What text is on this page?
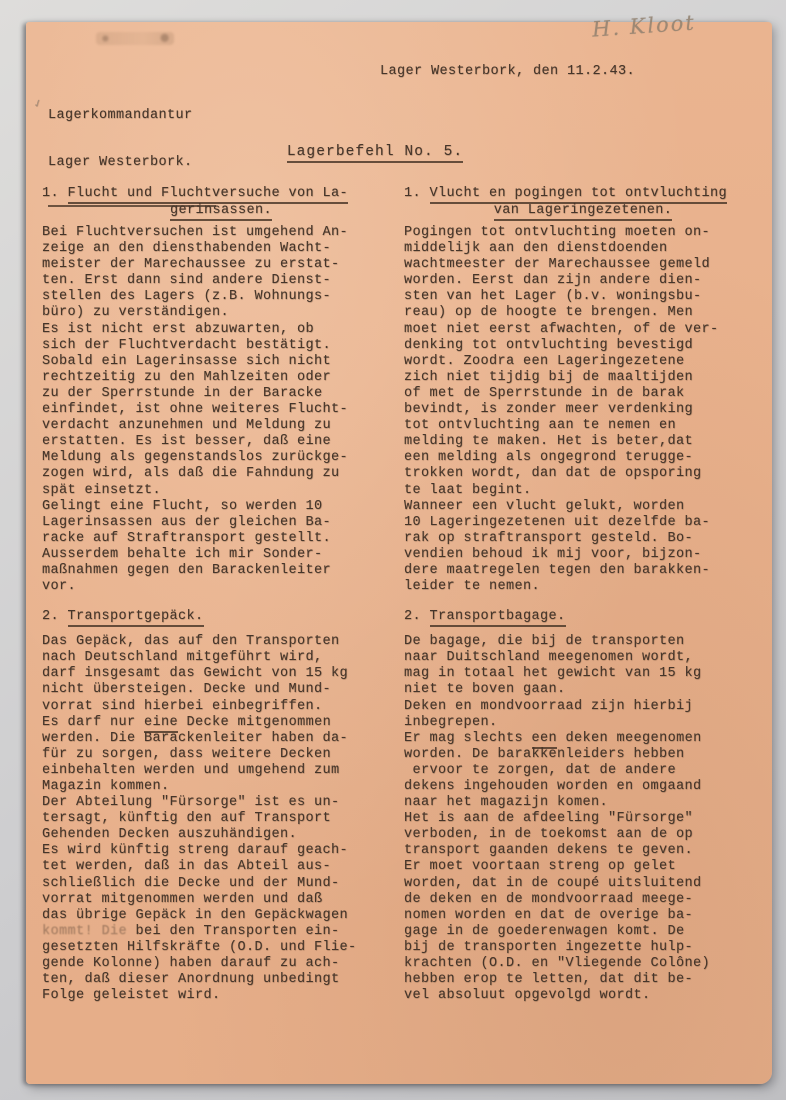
H. Kloot

✓

Lagerkommandantur

Lager Westerbork.

Lager Westerbork, den 11.2.43.

Lagerbefehl No. 5.

1. Flucht und Fluchtversuche von La-
gerinsassen.
Bei Fluchtversuchen ist umgehend An-
zeige an den diensthabenden Wacht-
meister der Marechaussee zu erstat-
ten. Erst dann sind andere Dienst-
stellen des Lagers (z.B. Wohnungs-
büro) zu verständigen.
Es ist nicht erst abzuwarten, ob
sich der Fluchtverdacht bestätigt.
Sobald ein Lagerinsasse sich nicht
rechtzeitig zu den Mahlzeiten oder
zu der Sperrstunde in der Baracke
einfindet, ist ohne weiteres Flucht-
verdacht anzunehmen und Meldung zu
erstatten. Es ist besser, daß eine
Meldung als gegenstandslos zurückge-
zogen wird, als daß die Fahndung zu
spät einsetzt.
Gelingt eine Flucht, so werden 10
Lagerinsassen aus der gleichen Ba-
racke auf Straftransport gestellt.
Ausserdem behalte ich mir Sonder-
maßnahmen gegen den Barackenleiter
vor.
2. Transportgepäck.
Das Gepäck, das auf den Transporten
nach Deutschland mitgeführt wird,
darf insgesamt das Gewicht von 15 kg
nicht übersteigen. Decke und Mund-
vorrat sind hierbei einbegriffen.
Es darf nur eine Decke mitgenommen
werden. Die Barackenleiter haben da-
für zu sorgen, dass weitere Decken
einbehalten werden und umgehend zum
Magazin kommen.
Der Abteilung "Fürsorge" ist es un-
tersagt, künftig den auf Transport
Gehenden Decken auszuhändigen.
Es wird künftig streng darauf geach-
tet werden, daß in das Abteil aus-
schließlich die Decke und der Mund-
vorrat mitgenommen werden und daß
das übrige Gepäck in den Gepäckwagen
kommt! Die bei den Transporten ein-
gesetzten Hilfskräfte (O.D. und Flie-
gende Kolonne) haben darauf zu ach-
ten, daß dieser Anordnung unbedingt
Folge geleistet wird.
1. Vlucht en pogingen tot ontvluchting
van Lageringezetenen.
Pogingen tot ontvluchting moeten on-
middelijk aan den dienstdoenden
wachtmeester der Marechaussee gemeld
worden. Eerst dan zijn andere dien-
sten van het Lager (b.v. woningsbu-
reau) op de hoogte te brengen. Men
moet niet eerst afwachten, of de ver-
denking tot ontvluchting bevestigd
wordt. Zoodra een Lageringezetene
zich niet tijdig bij de maaltijden
of met de Sperrstunde in de barak
bevindt, is zonder meer verdenking
tot ontvluchting aan te nemen en
melding te maken. Het is beter,dat
een melding als ongegrond terugge-
trokken wordt, dan dat de opsporing
te laat begint.
Wanneer een vlucht gelukt, worden
10 Lageringezetenen uit dezelfde ba-
rak op straftransport gesteld. Bo-
vendien behoud ik mij voor, bijzon-
dere maatregelen tegen den barakken-
leider te nemen.
2. Transportbagage.
De bagage, die bij de transporten
naar Duitschland meegenomen wordt,
mag in totaal het gewicht van 15 kg
niet te boven gaan.
Deken en mondvoorraad zijn hierbij
inbegrepen.
Er mag slechts een deken meegenomen
worden. De barakkenleiders hebben
ervoor te zorgen, dat de andere
dekens ingehouden worden en omgaand
naar het magazijn komen.
Het is aan de afdeeling "Fürsorge"
verboden, in de toekomst aan de op
transport gaanden dekens te geven.
Er moet voortaan streng op gelet
worden, dat in de coupé uitsluitend
de deken en de mondvoorraad meege-
nomen worden en dat de overige ba-
gage in de goederenwagen komt. De
bij de transporten ingezette hulp-
krachten (O.D. en "Vliegende Colône)
hebben erop te letten, dat dit be-
vel absoluut opgevolgd wordt.
